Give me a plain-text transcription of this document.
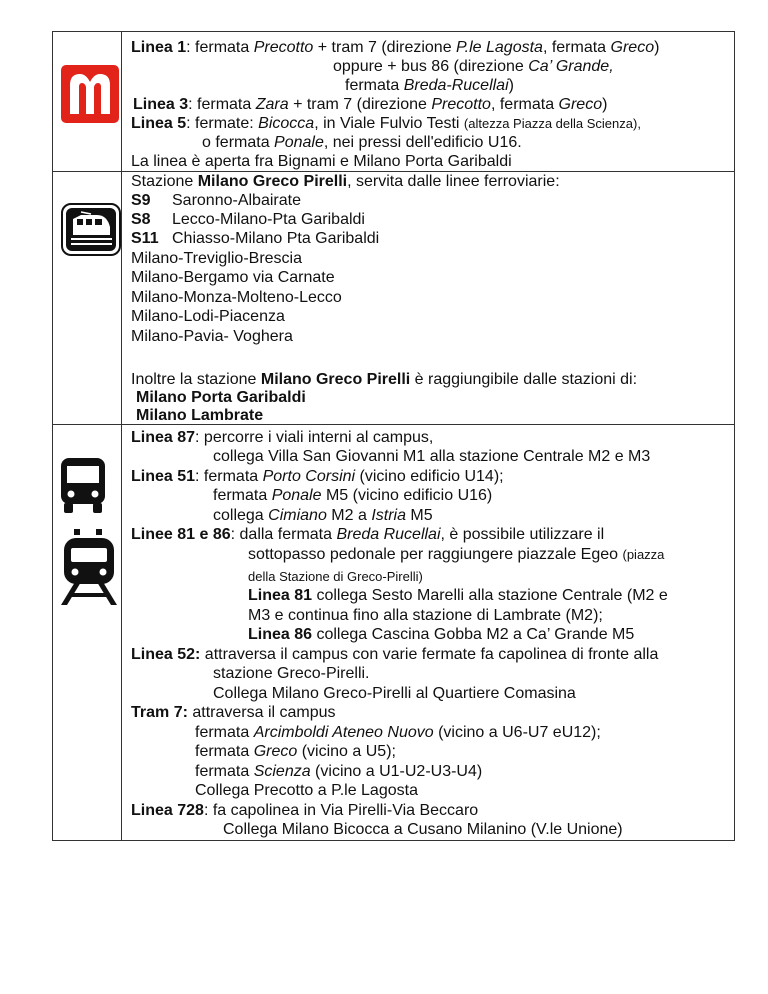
Linea 1: fermata Precotto + tram 7 (direzione P.le Lagosta, fermata Greco)
oppure + bus 86 (direzione Ca’ Grande,
fermata Breda-Rucellai)
Linea 3: fermata Zara + tram 7 (direzione Precotto, fermata Greco)
Linea 5: fermate: Bicocca, in Viale Fulvio Testi (altezza Piazza della Scienza),
o fermata Ponale, nei pressi dell'edificio U16.
La linea è aperta fra Bignami e Milano Porta Garibaldi
Stazione Milano Greco Pirelli, servita dalle linee ferroviarie:
S9 Saronno-Albairate
S8 Lecco-Milano-Pta Garibaldi
S11 Chiasso-Milano Pta Garibaldi
Milano-Treviglio-Brescia
Milano-Bergamo via Carnate
Milano-Monza-Molteno-Lecco
Milano-Lodi-Piacenza
Milano-Pavia- Voghera
Inoltre la stazione Milano Greco Pirelli è raggiungibile dalle stazioni di:
Milano Porta Garibaldi
Milano Lambrate
Linea 87: percorre i viali interni al campus,
collega Villa San Giovanni M1 alla stazione Centrale M2 e M3
Linea 51: fermata Porto Corsini (vicino edificio U14);
fermata Ponale M5 (vicino edificio U16)
collega Cimiano M2 a Istria M5
Linee 81 e 86: dalla fermata Breda Rucellai, è possibile utilizzare il
sottopasso pedonale per raggiungere piazzale Egeo (piazza
della Stazione di Greco-Pirelli)
Linea 81 collega Sesto Marelli alla stazione Centrale (M2 e
M3 e continua fino alla stazione di Lambrate (M2);
Linea 86 collega Cascina Gobba M2 a Ca’ Grande M5
Linea 52: attraversa il campus con varie fermate fa capolinea di fronte alla
stazione Greco-Pirelli.
Collega Milano Greco-Pirelli al Quartiere Comasina
Tram 7: attraversa il campus
fermata Arcimboldi Ateneo Nuovo (vicino a U6-U7 eU12);
fermata Greco (vicino a U5);
fermata Scienza (vicino a U1-U2-U3-U4)
Collega Precotto a P.le Lagosta
Linea 728: fa capolinea in Via Pirelli-Via Beccaro
Collega Milano Bicocca a Cusano Milanino (V.le Unione)
